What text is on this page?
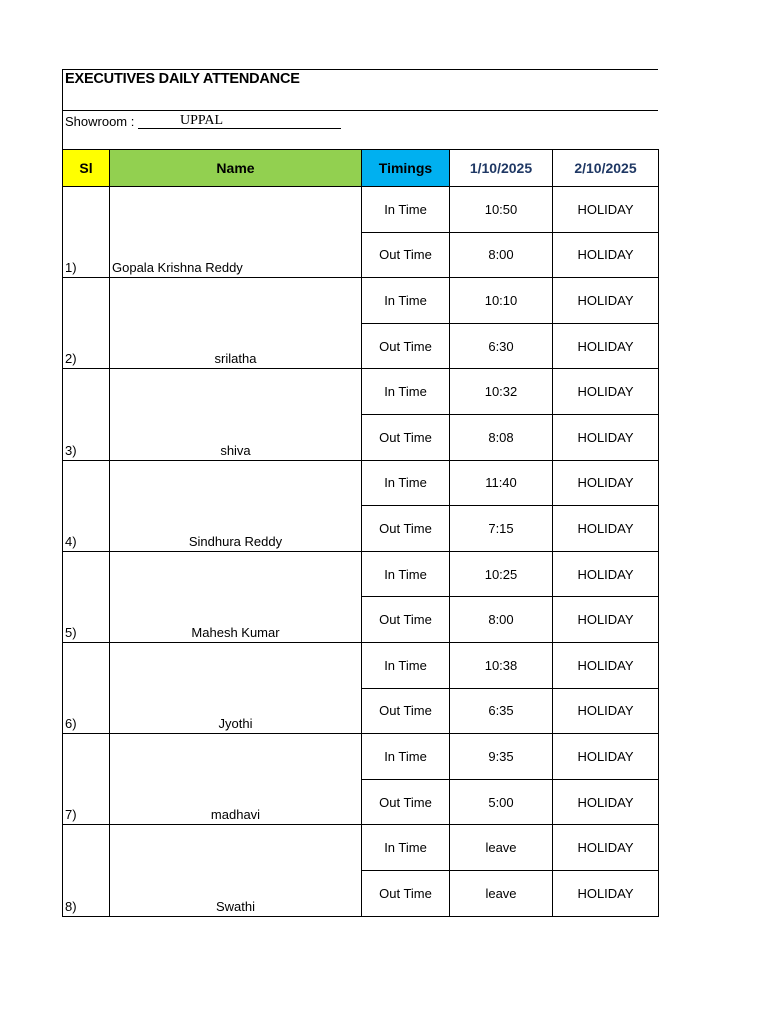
EXECUTIVES DAILY ATTENDANCE
Showroom :	UPPAL
Sl	Name	Timings	1/10/2025	2/10/2025
1)	Gopala Krishna Reddy	In Time	10:50	HOLIDAY
		Out Time	8:00	HOLIDAY
2)	srilatha	In Time	10:10	HOLIDAY
		Out Time	6:30	HOLIDAY
3)	shiva	In Time	10:32	HOLIDAY
		Out Time	8:08	HOLIDAY
4)	Sindhura Reddy	In Time	11:40	HOLIDAY
		Out Time	7:15	HOLIDAY
5)	Mahesh Kumar	In Time	10:25	HOLIDAY
		Out Time	8:00	HOLIDAY
6)	Jyothi	In Time	10:38	HOLIDAY
		Out Time	6:35	HOLIDAY
7)	madhavi	In Time	9:35	HOLIDAY
		Out Time	5:00	HOLIDAY
8)	Swathi	In Time	leave	HOLIDAY
		Out Time	leave	HOLIDAY
